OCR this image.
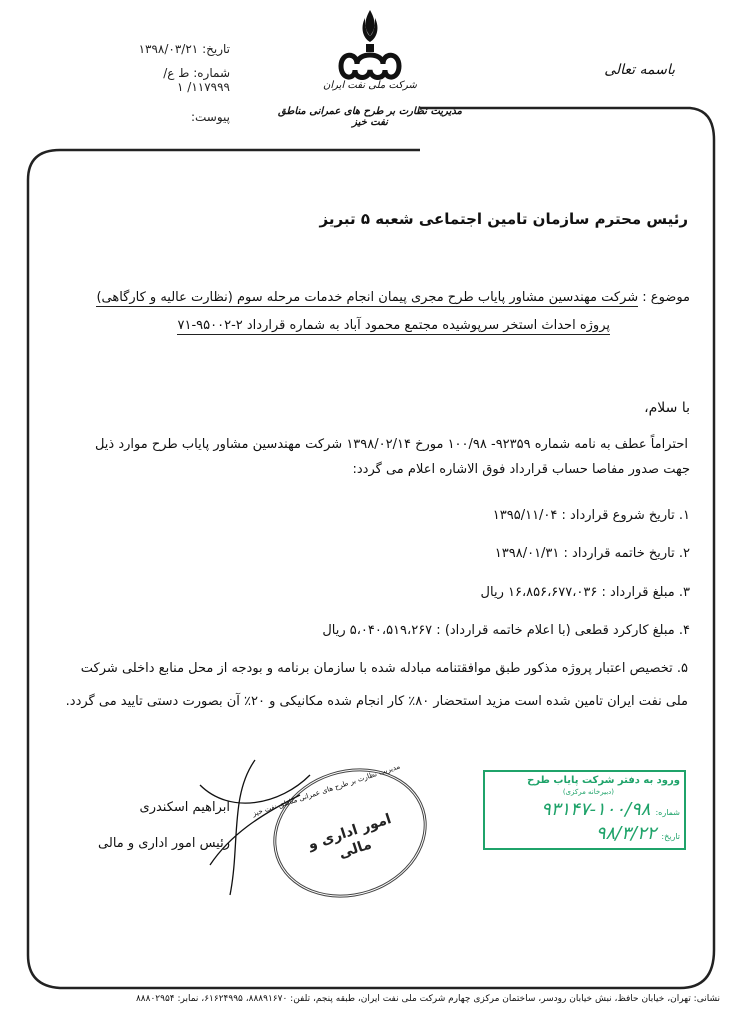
باسمه تعالی
شرکت ملی نفت ایران
مدیریت نظارت بر طرح های عمرانی مناطق نفت خیز
تاریخ: ۱۳۹۸/۰۳/۲۱
شماره: ط ع/۱۱۷۹۹۹/ ۱
پیوست:
رئیس محترم سازمان تامین اجتماعی شعبه ۵ تبریز
موضوع : شرکت مهندسین مشاور پایاب طرح مجری پیمان انجام خدمات مرحله سوم (نظارت عالیه و کارگاهی)
پروژه احداث استخر سرپوشیده مجتمع محمود آباد به شماره قرارداد ۲-۹۵۰۰۲-۷۱
با سلام،
احتراماً عطف به نامه شماره ۹۲۳۵۹- ۱۰۰/۹۸ مورخ ۱۳۹۸/۰۲/۱۴ شرکت مهندسین مشاور پایاب طرح موارد ذیل
جهت صدور مفاصا حساب قرارداد فوق الاشاره اعلام می گردد:
۱. تاریخ شروع قرارداد : ۱۳۹۵/۱۱/۰۴
۲. تاریخ خاتمه قرارداد : ۱۳۹۸/۰۱/۳۱
۳. مبلغ قرارداد : ۱۶،۸۵۶،۶۷۷،۰۳۶ ریال
۴. مبلغ کارکرد قطعی (با اعلام خاتمه قرارداد) : ۵،۰۴۰،۵۱۹،۲۶۷ ریال
۵. تخصیص اعتبار پروژه مذکور طبق موافقتنامه مبادله شده با سازمان برنامه و بودجه از محل منابع داخلی شرکت
ملی نفت ایران تامین شده است مزید استحضار ۸۰٪ کار انجام شده مکانیکی و ۲۰٪ آن بصورت دستی تایید می گردد.
ابراهیم اسکندری
رئیس امور اداری و مالی
مدیریت نظارت بر طرح های عمرانی مناطق نفت خیز
امور اداری و مالی
ورود به دفتر شرکت پایاب طرح
(دبیرخانه مرکزی)
شماره: ۱۰۰/۹۸-۹۳۱۴۷
تاریخ: ۹۸/۳/۲۲
نشانی: تهران، خیابان حافظ، نبش خیابان رودسر، ساختمان مرکزی چهارم شرکت ملی نفت ایران، طبقه پنجم، تلفن: ۸۸۸۹۱۶۷۰، ۶۱۶۲۴۹۹۵، نمابر: ۸۸۸۰۲۹۵۴
